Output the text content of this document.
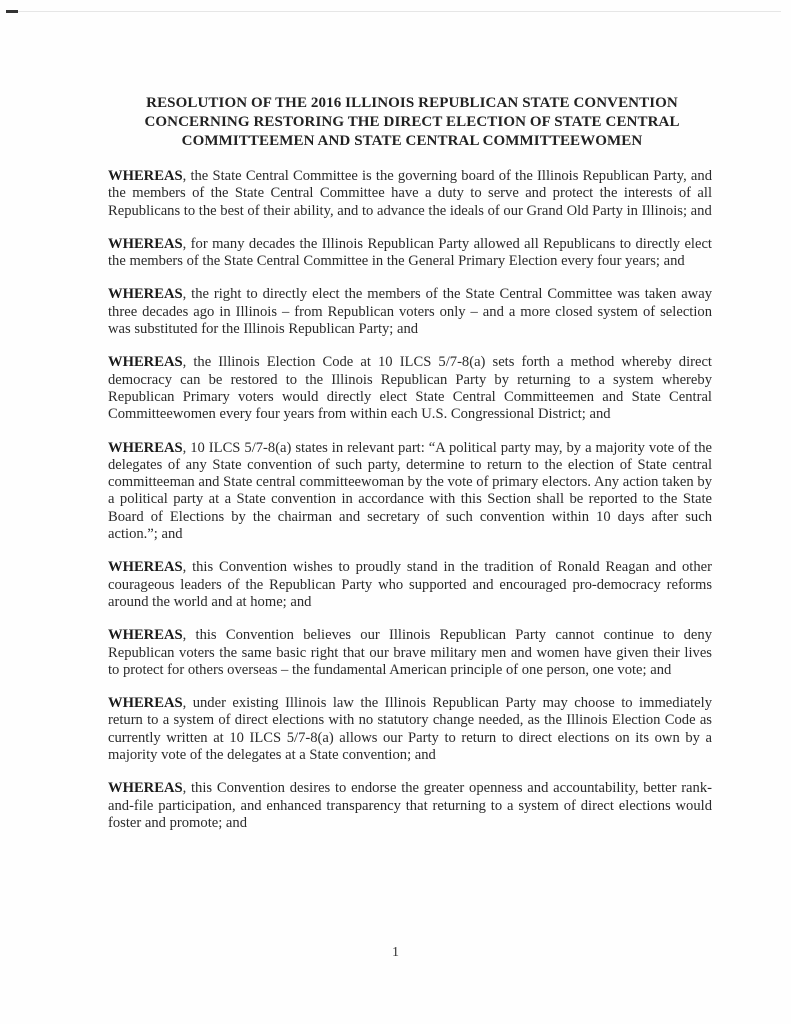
RESOLUTION OF THE 2016 ILLINOIS REPUBLICAN STATE CONVENTION
CONCERNING RESTORING THE DIRECT ELECTION OF STATE CENTRAL
COMMITTEEMEN AND STATE CENTRAL COMMITTEEWOMEN

WHEREAS, the State Central Committee is the governing board of the Illinois Republican Party, and the members of the State Central Committee have a duty to serve and protect the interests of all Republicans to the best of their ability, and to advance the ideals of our Grand Old Party in Illinois; and

WHEREAS, for many decades the Illinois Republican Party allowed all Republicans to directly elect the members of the State Central Committee in the General Primary Election every four years; and

WHEREAS, the right to directly elect the members of the State Central Committee was taken away three decades ago in Illinois – from Republican voters only – and a more closed system of selection was substituted for the Illinois Republican Party; and

WHEREAS, the Illinois Election Code at 10 ILCS 5/7-8(a) sets forth a method whereby direct democracy can be restored to the Illinois Republican Party by returning to a system whereby Republican Primary voters would directly elect State Central Committeemen and State Central Committeewomen every four years from within each U.S. Congressional District; and

WHEREAS, 10 ILCS 5/7-8(a) states in relevant part: “A political party may, by a majority vote of the delegates of any State convention of such party, determine to return to the election of State central committeeman and State central committeewoman by the vote of primary electors. Any action taken by a political party at a State convention in accordance with this Section shall be reported to the State Board of Elections by the chairman and secretary of such convention within 10 days after such action.”; and

WHEREAS, this Convention wishes to proudly stand in the tradition of Ronald Reagan and other courageous leaders of the Republican Party who supported and encouraged pro-democracy reforms around the world and at home; and

WHEREAS, this Convention believes our Illinois Republican Party cannot continue to deny Republican voters the same basic right that our brave military men and women have given their lives to protect for others overseas – the fundamental American principle of one person, one vote; and

WHEREAS, under existing Illinois law the Illinois Republican Party may choose to immediately return to a system of direct elections with no statutory change needed, as the Illinois Election Code as currently written at 10 ILCS 5/7-8(a) allows our Party to return to direct elections on its own by a majority vote of the delegates at a State convention; and

WHEREAS, this Convention desires to endorse the greater openness and accountability, better rank-and-file participation, and enhanced transparency that returning to a system of direct elections would foster and promote; and

1
